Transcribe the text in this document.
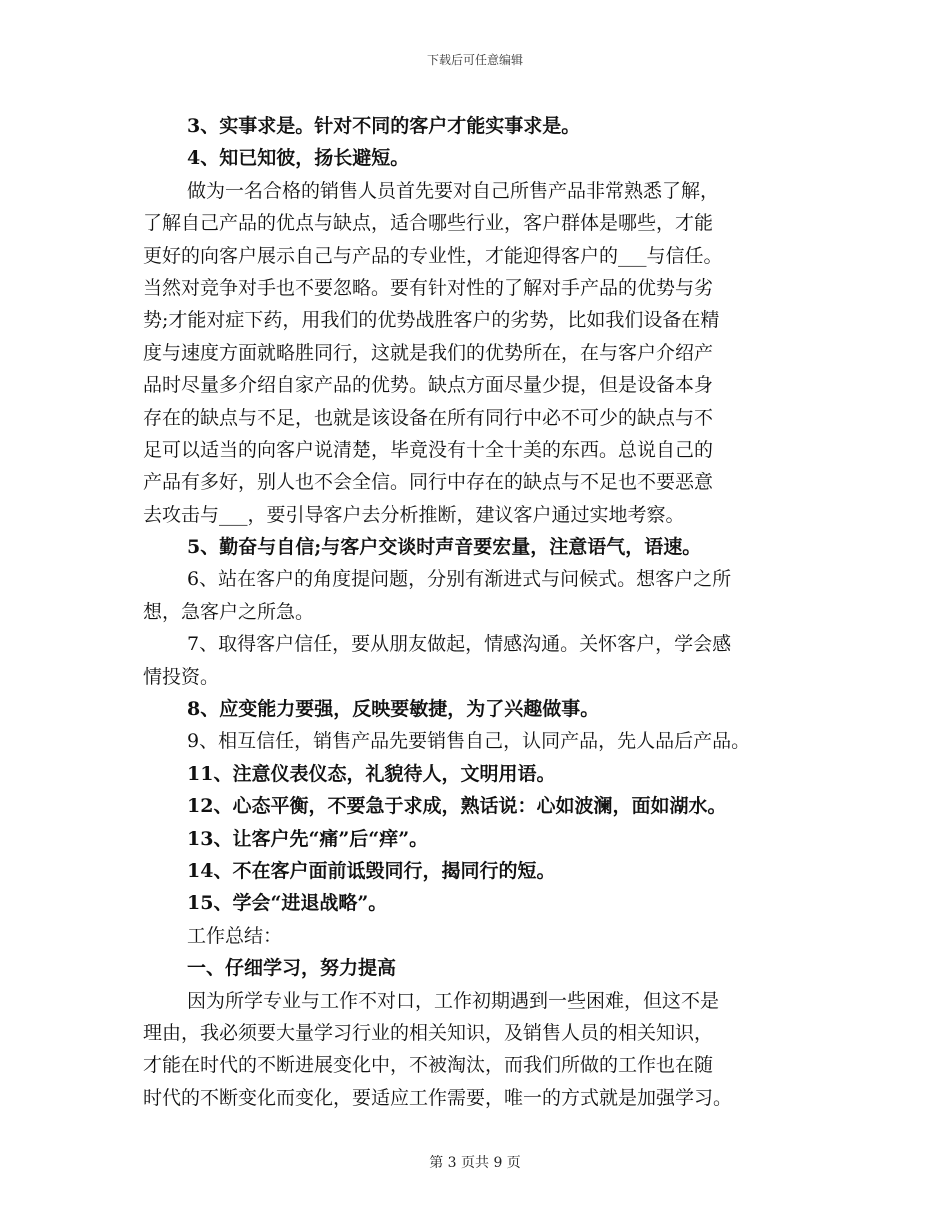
下载后可任意编辑
3、实事求是。针对不同的客户才能实事求是。
4、知已知彼，扬长避短。
做为一名合格的销售人员首先要对自己所售产品非常熟悉了解，
了解自己产品的优点与缺点，适合哪些行业，客户群体是哪些，才能
更好的向客户展示自己与产品的专业性，才能迎得客户的___与信任。
当然对竞争对手也不要忽略。要有针对性的了解对手产品的优势与劣
势;才能对症下药，用我们的优势战胜客户的劣势，比如我们设备在精
度与速度方面就略胜同行，这就是我们的优势所在，在与客户介绍产
品时尽量多介绍自家产品的优势。缺点方面尽量少提，但是设备本身
存在的缺点与不足，也就是该设备在所有同行中必不可少的缺点与不
足可以适当的向客户说清楚，毕竟没有十全十美的东西。总说自己的
产品有多好，别人也不会全信。同行中存在的缺点与不足也不要恶意
去攻击与___，要引导客户去分析推断，建议客户通过实地考察。
5、勤奋与自信;与客户交谈时声音要宏量，注意语气，语速。
6、站在客户的角度提问题，分别有渐进式与问候式。想客户之所
想，急客户之所急。
7、取得客户信任，要从朋友做起，情感沟通。关怀客户，学会感
情投资。
8、应变能力要强，反映要敏捷，为了兴趣做事。
9、相互信任，销售产品先要销售自己，认同产品，先人品后产品。
11、注意仪表仪态，礼貌待人，文明用语。
12、心态平衡，不要急于求成，熟话说：心如波澜，面如湖水。
13、让客户先“痛”后“痒”。
14、不在客户面前诋毁同行，揭同行的短。
15、学会“进退战略”。
工作总结：
一、仔细学习，努力提高
因为所学专业与工作不对口，工作初期遇到一些困难，但这不是
理由，我必须要大量学习行业的相关知识，及销售人员的相关知识，
才能在时代的不断进展变化中，不被淘汰，而我们所做的工作也在随
时代的不断变化而变化，要适应工作需要，唯一的方式就是加强学习。
第 3 页共 9 页
